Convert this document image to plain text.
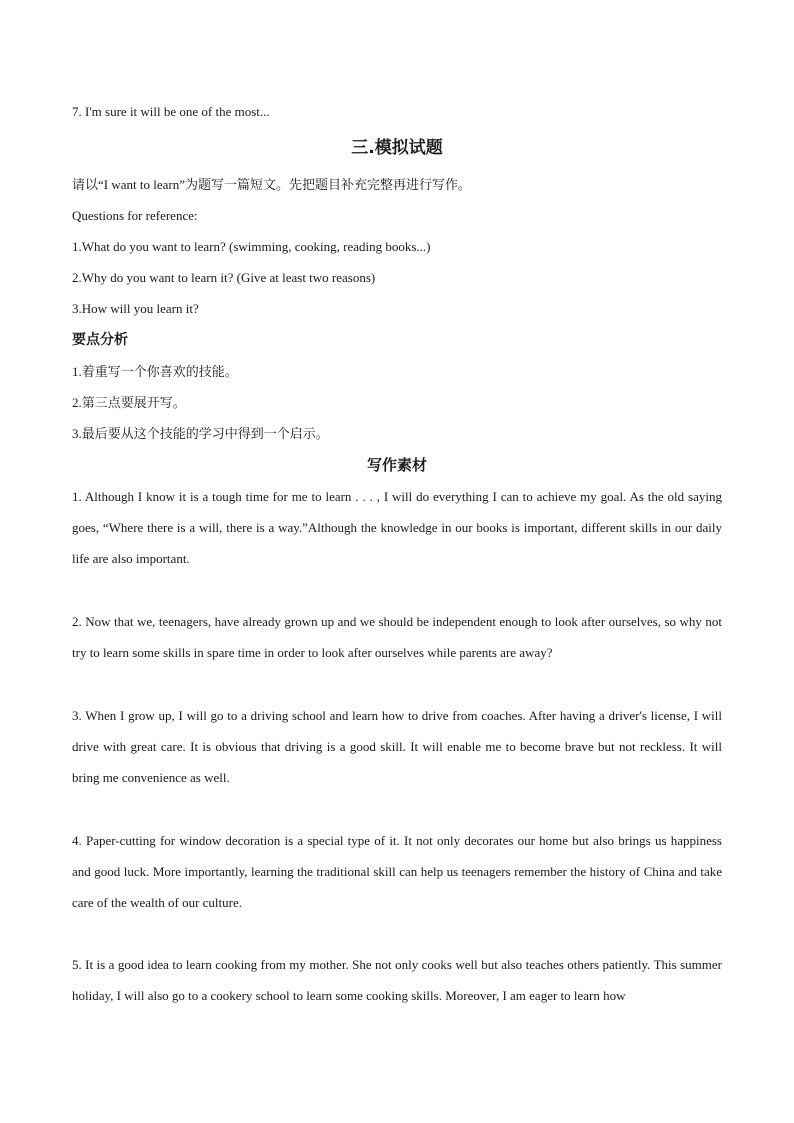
7. I'm sure it will be one of the most...
三.模拟试题
请以“I want to learn”为题写一篇短文。先把题目补充完整再进行写作。
Questions for reference:
1.What do you want to learn? (swimming, cooking, reading books...)
2.Why do you want to learn it? (Give at least two reasons)
3.How will you learn it?
要点分析
1.着重写一个你喜欢的技能。
2.第三点要展开写。
3.最后要从这个技能的学习中得到一个启示。
写作素材
1. Although I know it is a tough time for me to learn . . . , I will do everything I can to achieve my goal. As the old saying goes, “Where there is a will, there is a way.”Although the knowledge in our books is important, different skills in our daily life are also important.
2. Now that we, teenagers, have already grown up and we should be independent enough to look after ourselves, so why not try to learn some skills in spare time in order to look after ourselves while parents are away?
3. When I grow up, I will go to a driving school and learn how to drive from coaches. After having a driver's license, I will drive with great care. It is obvious that driving is a good skill. It will enable me to become brave but not reckless. It will bring me convenience as well.
4. Paper-cutting for window decoration is a special type of it. It not only decorates our home but also brings us happiness and good luck. More importantly, learning the traditional skill can help us teenagers remember the history of China and take care of the wealth of our culture.
5. It is a good idea to learn cooking from my mother. She not only cooks well but also teaches others patiently. This summer holiday, I will also go to a cookery school to learn some cooking skills. Moreover, I am eager to learn how
